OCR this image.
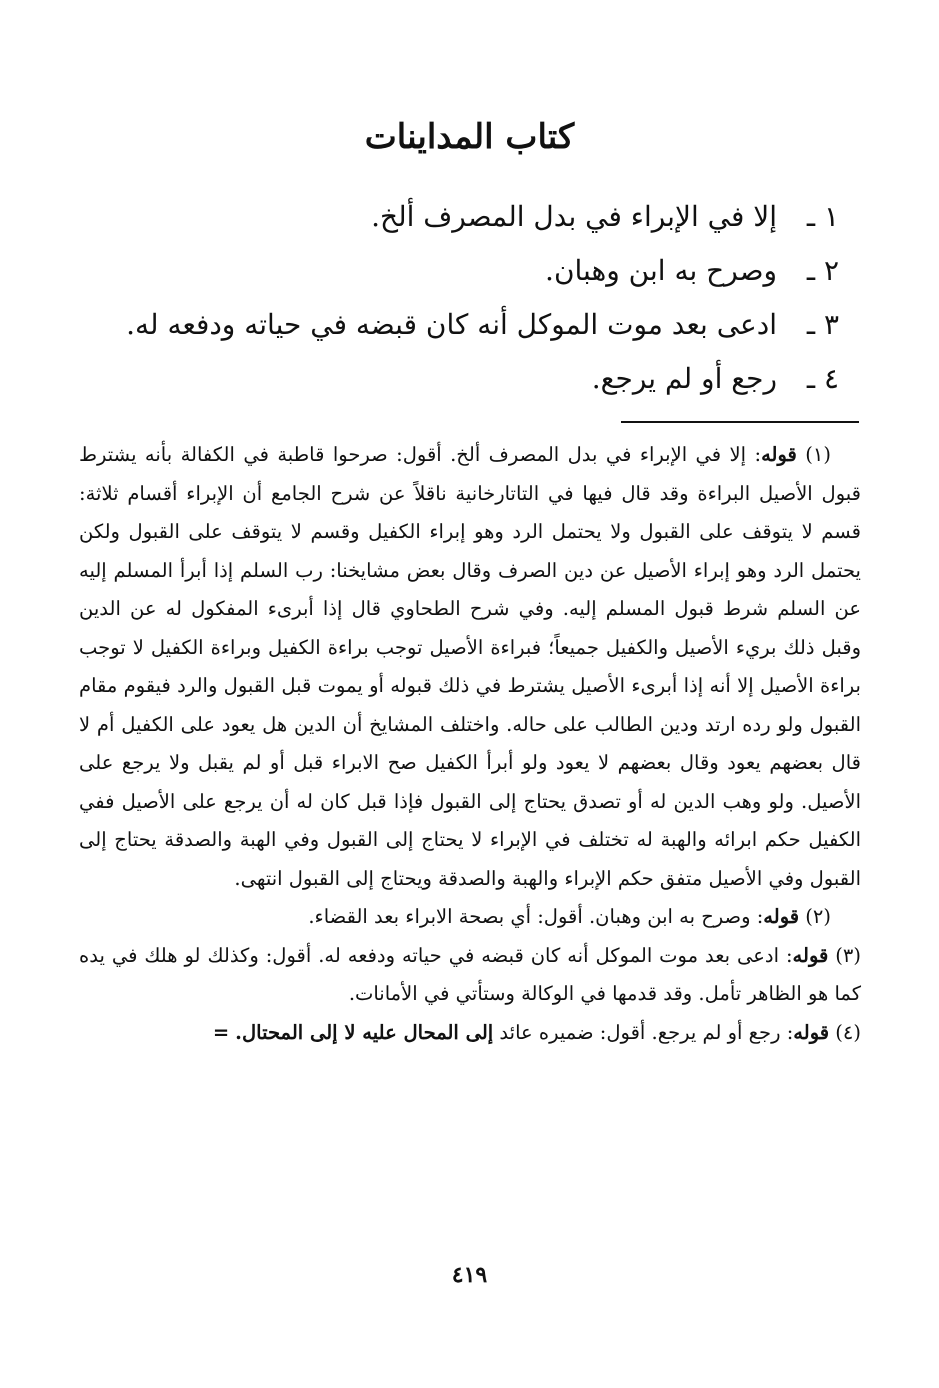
كتاب المداينات
١ ـ
إلا في الإبراء في بدل المصرف ألخ.
٢ ـ
وصرح به ابن وهبان.
٣ ـ
ادعى بعد موت الموكل أنه كان قبضه في حياته ودفعه له.
٤ ـ
رجع أو لم يرجع.

(١) قوله: إلا في الإبراء في بدل المصرف ألخ. أقول: صرحوا قاطبة في الكفالة بأنه يشترط قبول الأصيل البراءة وقد قال فيها في التاتارخانية ناقلاً عن شرح الجامع أن الإبراء أقسام ثلاثة: قسم لا يتوقف على القبول ولا يحتمل الرد وهو إبراء الكفيل وقسم لا يتوقف على القبول ولكن يحتمل الرد وهو إبراء الأصيل عن دين الصرف وقال بعض مشايخنا: رب السلم إذا أبرأ المسلم إليه عن السلم شرط قبول المسلم إليه. وفي شرح الطحاوي قال إذا أبرىء المفكول له عن الدين وقبل ذلك بريء الأصيل والكفيل جميعاً؛ فبراءة الأصيل توجب براءة الكفيل وبراءة الكفيل لا توجب براءة الأصيل إلا أنه إذا أبرىء الأصيل يشترط في ذلك قبوله أو يموت قبل القبول والرد فيقوم مقام القبول ولو رده ارتد ودين الطالب على حاله. واختلف المشايخ أن الدين هل يعود على الكفيل أم لا قال بعضهم يعود وقال بعضهم لا يعود ولو أبرأ الكفيل صح الابراء قبل أو لم يقبل ولا يرجع على الأصيل. ولو وهب الدين له أو تصدق يحتاج إلى القبول فإذا قبل كان له أن يرجع على الأصيل ففي الكفيل حكم ابرائه والهبة له تختلف في الإبراء لا يحتاج إلى القبول وفي الهبة والصدقة يحتاج إلى القبول وفي الأصيل متفق حكم الإبراء والهبة والصدقة ويحتاج إلى القبول انتهى.

(٢) قوله: وصرح به ابن وهبان. أقول: أي بصحة الابراء بعد القضاء.

(٣) قوله: ادعى بعد موت الموكل أنه كان قبضه في حياته ودفعه له. أقول: وكذلك لو هلك في يده كما هو الظاهر تأمل. وقد قدمها في الوكالة وستأتي في الأمانات.

(٤) قوله: رجع أو لم يرجع. أقول: ضميره عائد إلى المحال عليه لا إلى المحتال.=

٤١٩
